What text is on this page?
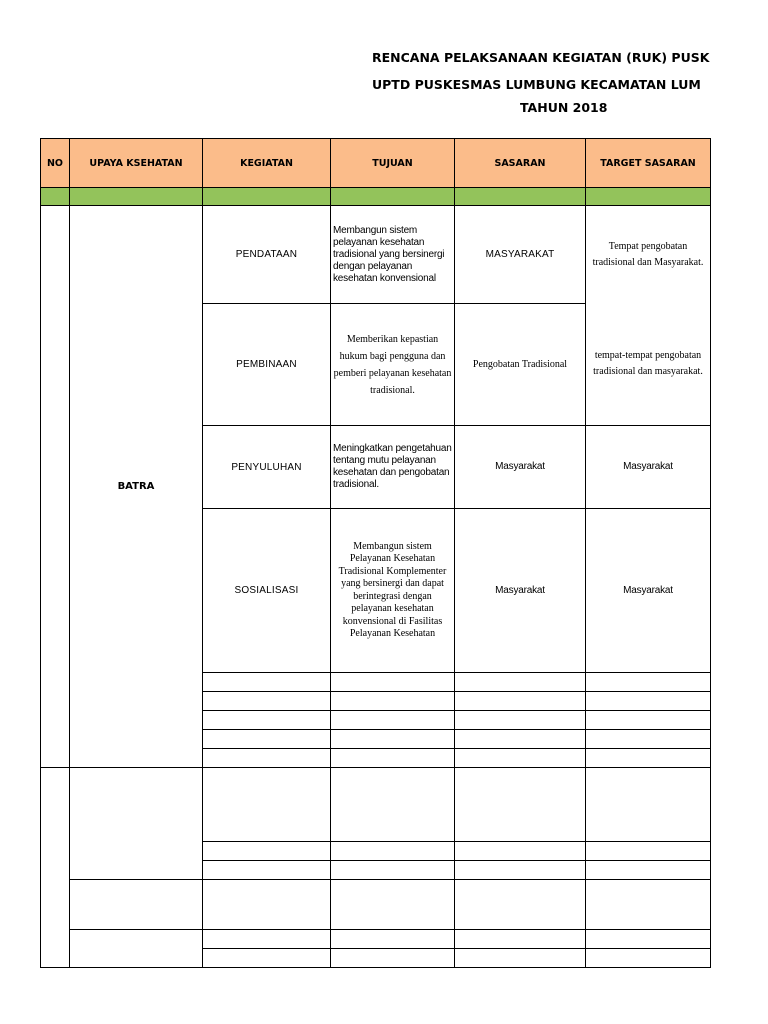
RENCANA PELAKSANAAN KEGIATAN (RUK) PUSK
UPTD PUSKESMAS LUMBUNG KECAMATAN LUM
TAHUN 2018
NO	UPAYA KSEHATAN	KEGIATAN	TUJUAN	SASARAN	TARGET SASARAN

	BATRA	PENDATAAN	Membangun sistem pelayanan kesehatan tradisional yang bersinergi dengan pelayanan kesehatan konvensional	MASYARAKAT	Tempat pengobatan tradisional dan Masyarakat.
		PEMBINAAN	Memberikan kepastian hukum bagi pengguna dan pemberi pelayanan kesehatan tradisional.	Pengobatan Tradisional	tempat-tempat pengobatan tradisional dan masyarakat.
		PENYULUHAN	Meningkatkan pengetahuan tentang mutu pelayanan kesehatan dan pengobatan tradisional.	Masyarakat	Masyarakat
		SOSIALISASI	Membangun sistem Pelayanan Kesehatan Tradisional Komplementer yang bersinergi dan dapat berintegrasi dengan pelayanan kesehatan konvensional di Fasilitas Pelayanan Kesehatan	Masyarakat	Masyarakat
